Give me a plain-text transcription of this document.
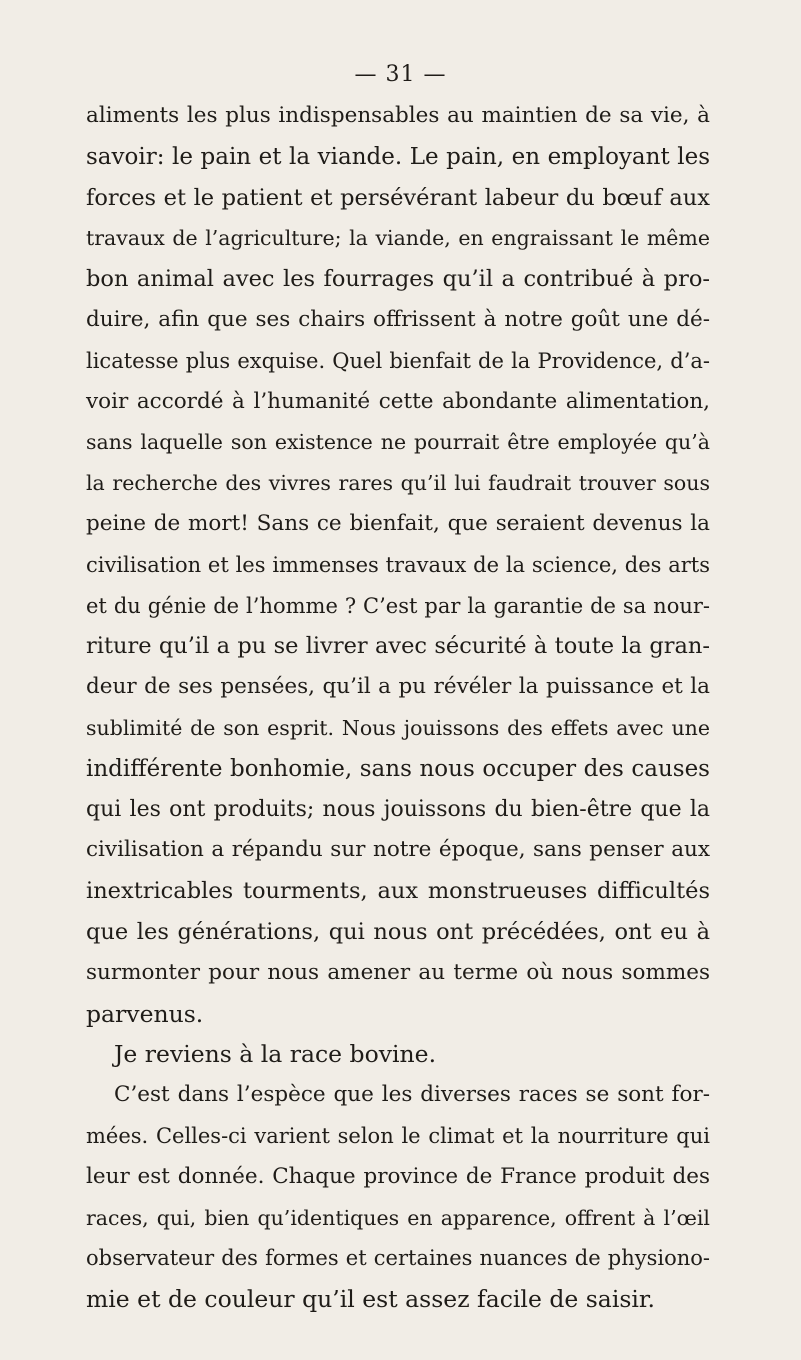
— 31 —
aliments les plus indispensables au maintien de sa vie, à
savoir: le pain et la viande. Le pain, en employant les
forces et le patient et persévérant labeur du bœuf aux
travaux de l’agriculture; la viande, en engraissant le même
bon animal avec les fourrages qu’il a contribué à pro-
duire, afin que ses chairs offrissent à notre goût une dé-
licatesse plus exquise. Quel bienfait de la Providence, d’a-
voir accordé à l’humanité cette abondante alimentation,
sans laquelle son existence ne pourrait être employée qu’à
la recherche des vivres rares qu’il lui faudrait trouver sous
peine de mort! Sans ce bienfait, que seraient devenus la
civilisation et les immenses travaux de la science, des arts
et du génie de l’homme ? C’est par la garantie de sa nour-
riture qu’il a pu se livrer avec sécurité à toute la gran-
deur de ses pensées, qu’il a pu révéler la puissance et la
sublimité de son esprit. Nous jouissons des effets avec une
indifférente bonhomie, sans nous occuper des causes
qui les ont produits; nous jouissons du bien-être que la
civilisation a répandu sur notre époque, sans penser aux
inextricables tourments, aux monstrueuses difficultés
que les générations, qui nous ont précédées, ont eu à
surmonter pour nous amener au terme où nous sommes
parvenus.
Je reviens à la race bovine.
C’est dans l’espèce que les diverses races se sont for-
mées. Celles-ci varient selon le climat et la nourriture qui
leur est donnée. Chaque province de France produit des
races, qui, bien qu’identiques en apparence, offrent à l’œil
observateur des formes et certaines nuances de physiono-
mie et de couleur qu’il est assez facile de saisir.
